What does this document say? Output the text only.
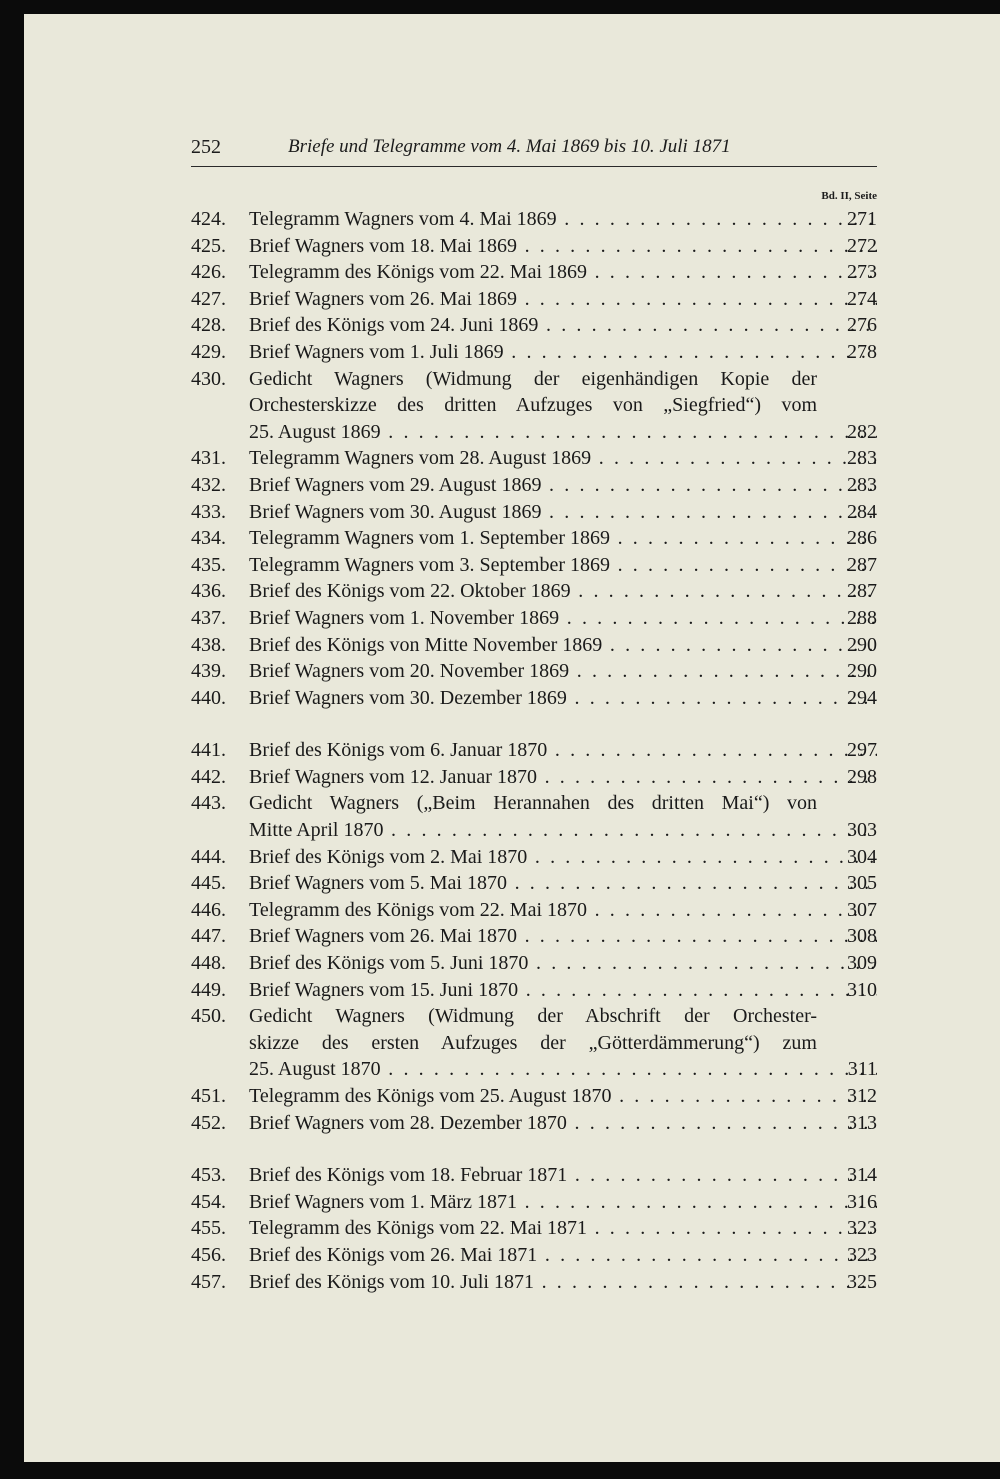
252	Briefe und Telegramme vom 4. Mai 1869 bis 10. Juli 1871
Bd. II, Seite
424. Telegramm Wagners vom 4. Mai 1869 . . .	271
425. Brief Wagners vom 18. Mai 1869 . . .	272
426. Telegramm des Königs vom 22. Mai 1869 . . .	273
427. Brief Wagners vom 26. Mai 1869 . . .	274
428. Brief des Königs vom 24. Juni 1869 . . .	276
429. Brief Wagners vom 1. Juli 1869 . . .	278
430. Gedicht Wagners (Widmung der eigenhändigen Kopie der
Orchesterskizze des dritten Aufzuges von „Siegfried“) vom
25. August 1869 . . .	282
431. Telegramm Wagners vom 28. August 1869 . . .	283
432. Brief Wagners vom 29. August 1869 . . .	283
433. Brief Wagners vom 30. August 1869 . . .	284
434. Telegramm Wagners vom 1. September 1869 . . .	286
435. Telegramm Wagners vom 3. September 1869 . . .	287
436. Brief des Königs vom 22. Oktober 1869 . . .	287
437. Brief Wagners vom 1. November 1869 . . .	288
438. Brief des Königs von Mitte November 1869 . . .	290
439. Brief Wagners vom 20. November 1869 . . .	290
440. Brief Wagners vom 30. Dezember 1869 . . .	294
441. Brief des Königs vom 6. Januar 1870 . . .	297
442. Brief Wagners vom 12. Januar 1870 . . .	298
443. Gedicht Wagners („Beim Herannahen des dritten Mai“) von
Mitte April 1870 . . .	303
444. Brief des Königs vom 2. Mai 1870 . . .	304
445. Brief Wagners vom 5. Mai 1870 . . .	305
446. Telegramm des Königs vom 22. Mai 1870 . . .	307
447. Brief Wagners vom 26. Mai 1870 . . .	308
448. Brief des Königs vom 5. Juni 1870 . . .	309
449. Brief Wagners vom 15. Juni 1870 . . .	310
450. Gedicht Wagners (Widmung der Abschrift der Orchester-
skizze des ersten Aufzuges der „Götterdämmerung“) zum
25. August 1870 . . .	311
451. Telegramm des Königs vom 25. August 1870 . . .	312
452. Brief Wagners vom 28. Dezember 1870 . . .	313
453. Brief des Königs vom 18. Februar 1871 . . .	314
454. Brief Wagners vom 1. März 1871 . . .	316
455. Telegramm des Königs vom 22. Mai 1871 . . .	323
456. Brief des Königs vom 26. Mai 1871 . . .	323
457. Brief des Königs vom 10. Juli 1871 . . .	325
